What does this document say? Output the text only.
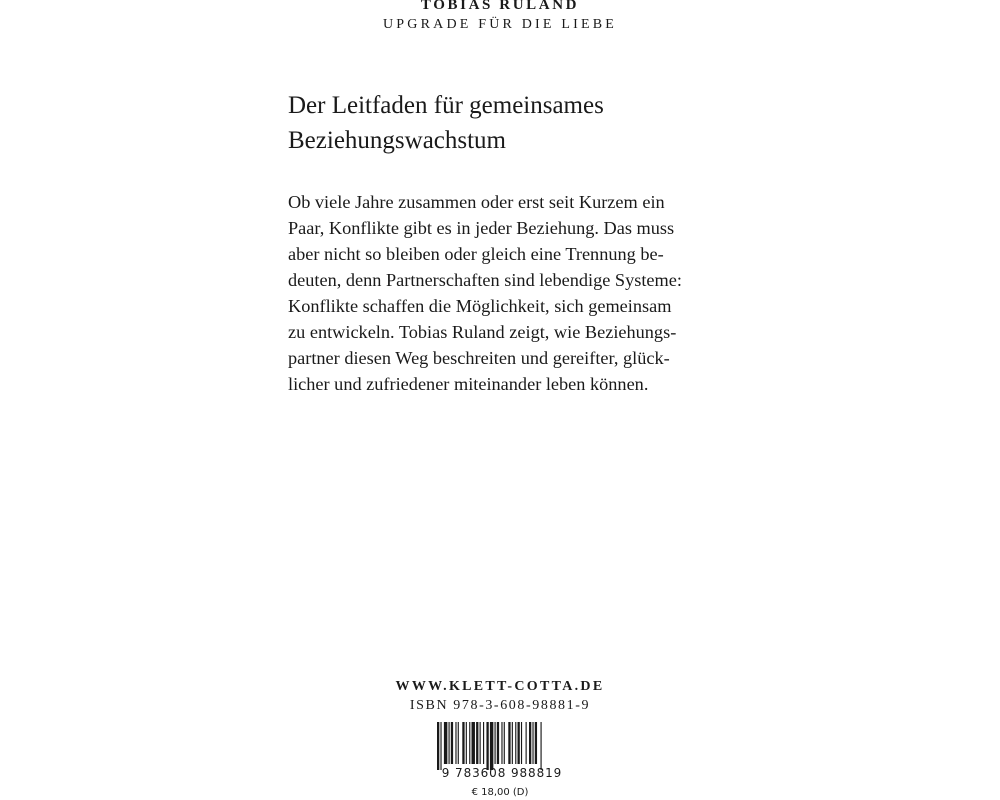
TOBIAS RULAND
UPGRADE FÜR DIE LIEBE
Der Leitfaden für gemeinsames
Beziehungswachstum
Ob viele Jahre zusammen oder erst seit Kurzem ein
Paar, Konflikte gibt es in jeder Beziehung. Das muss
aber nicht so bleiben oder gleich eine Trennung be-
deuten, denn Partnerschaften sind lebendige Systeme:
Konflikte schaffen die Möglichkeit, sich gemeinsam
zu entwickeln. Tobias Ruland zeigt, wie Beziehungs-
partner diesen Weg beschreiten und gereifter, glück-
licher und zufriedener miteinander leben können.
WWW.KLETT-COTTA.DE
ISBN 978-3-608-98881-9
9 783608 988819
€ 18,00 (D)
